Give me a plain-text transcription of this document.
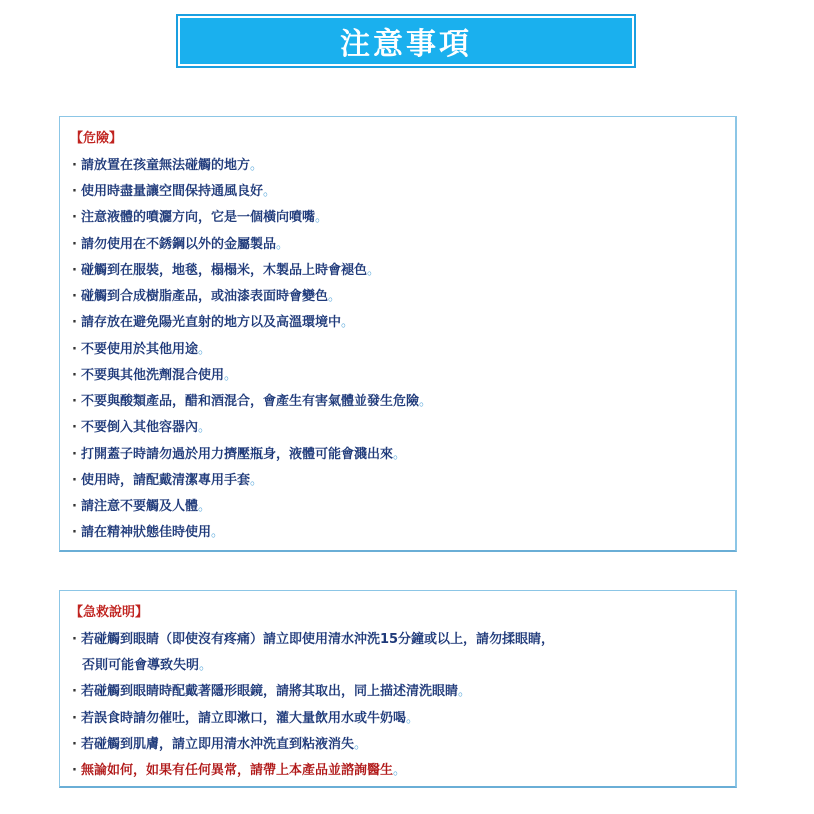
注意事項
【危險】
· 請放置在孩童無法碰觸的地方。
· 使用時盡量讓空間保持通風良好。
· 注意液體的噴灑方向，它是一個橫向噴嘴。
· 請勿使用在不銹鋼以外的金屬製品。
· 碰觸到在服裝，地毯，榻榻米，木製品上時會褪色。
· 碰觸到合成樹脂產品，或油漆表面時會變色。
· 請存放在避免陽光直射的地方以及高溫環境中。
· 不要使用於其他用途。
· 不要與其他洗劑混合使用。
· 不要與酸類產品，醋和酒混合，會產生有害氣體並發生危險。
· 不要倒入其他容器內。
· 打開蓋子時請勿過於用力擠壓瓶身，液體可能會濺出來。
· 使用時，請配戴清潔專用手套。
· 請注意不要觸及人體。
· 請在精神狀態佳時使用。
【急救說明】
· 若碰觸到眼睛（即使沒有疼痛）請立即使用清水沖洗15分鐘或以上，請勿揉眼睛，
否則可能會導致失明。
· 若碰觸到眼睛時配戴著隱形眼鏡，請將其取出，同上描述清洗眼睛。
· 若誤食時請勿催吐，請立即漱口，灌大量飲用水或牛奶喝。
· 若碰觸到肌膚，請立即用清水沖洗直到粘液消失。
· 無論如何，如果有任何異常，請帶上本產品並諮詢醫生。
